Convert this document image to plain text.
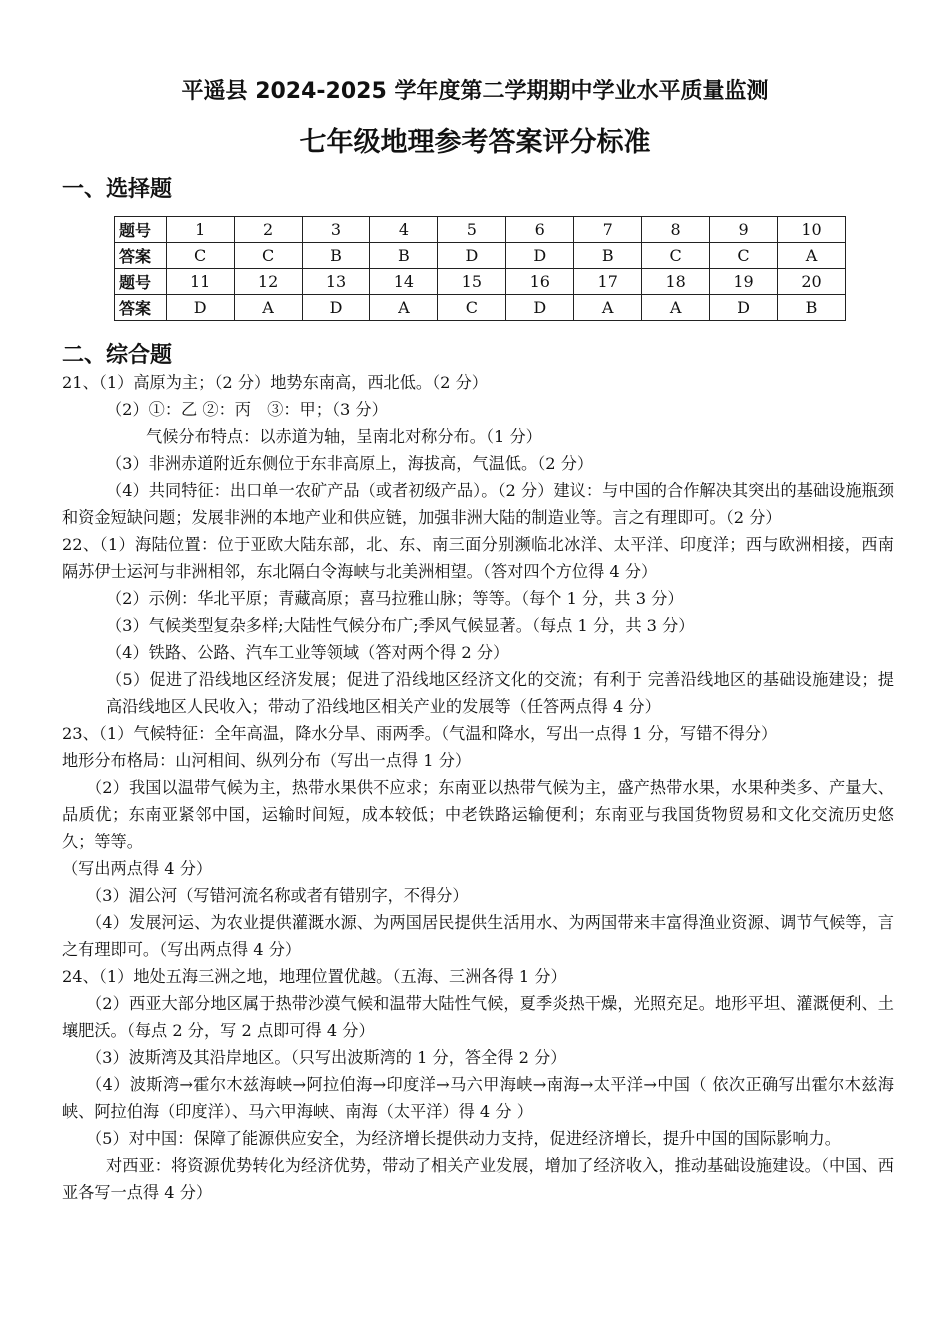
平遥县 2024-2025 学年度第二学期期中学业水平质量监测
七年级地理参考答案评分标准
一、选择题
题号	1	2	3	4	5	6	7	8	9	10
答案	C	C	B	B	D	D	B	C	C	A
题号	11	12	13	14	15	16	17	18	19	20
答案	D	A	D	A	C	D	A	A	D	B
二、综合题

21、（1）高原为主；（2 分）地势东南高，西北低。（2 分）

（2）①：乙 ②：丙　③：甲；（3 分）

气候分布特点：以赤道为轴，呈南北对称分布。（1 分）

（3）非洲赤道附近东侧位于东非高原上，海拔高，气温低。（2 分）

（4）共同特征：出口单一农矿产品（或者初级产品）。（2 分）建议：与中国的合作解决其突出的基础设施瓶颈和资金短缺问题；发展非洲的本地产业和供应链，加强非洲大陆的制造业等。言之有理即可。（2 分）

22、（1）海陆位置：位于亚欧大陆东部，北、东、南三面分别濒临北冰洋、太平洋、印度洋；西与欧洲相接，西南隔苏伊士运河与非洲相邻，东北隔白令海峡与北美洲相望。（答对四个方位得 4 分）

（2）示例：华北平原；青藏高原；喜马拉雅山脉；等等。（每个 1 分，共 3 分）

（3）气候类型复杂多样;大陆性气候分布广;季风气候显著。（每点 1 分，共 3 分）

（4）铁路、公路、汽车工业等领域（答对两个得 2 分）

（5）促进了沿线地区经济发展；促进了沿线地区经济文化的交流；有利于 完善沿线地区的基础设施建设；提高沿线地区人民收入；带动了沿线地区相关产业的发展等（任答两点得 4 分）

23、（1）气候特征：全年高温，降水分旱、雨两季。（气温和降水，写出一点得 1 分，写错不得分）

地形分布格局：山河相间、纵列分布（写出一点得 1 分）

（2）我国以温带气候为主，热带水果供不应求；东南亚以热带气候为主，盛产热带水果，水果种类多、产量大、品质优；东南亚紧邻中国，运输时间短，成本较低；中老铁路运输便利；东南亚与我国货物贸易和文化交流历史悠久；等等。

（写出两点得 4 分）

（3）湄公河（写错河流名称或者有错别字，不得分）

（4）发展河运、为农业提供灌溉水源、为两国居民提供生活用水、为两国带来丰富得渔业资源、调节气候等，言之有理即可。（写出两点得 4 分）

24、（1）地处五海三洲之地，地理位置优越。（五海、三洲各得 1 分）

（2）西亚大部分地区属于热带沙漠气候和温带大陆性气候，夏季炎热干燥，光照充足。地形平坦、灌溉便利、土壤肥沃。（每点 2 分，写 2 点即可得 4 分）

（3）波斯湾及其沿岸地区。（只写出波斯湾的 1 分，答全得 2 分）

（4）波斯湾→霍尔木兹海峡→阿拉伯海→印度洋→马六甲海峡→南海→太平洋→中国（ 依次正确写出霍尔木兹海峡、阿拉伯海（印度洋）、马六甲海峡、南海（太平洋）得 4 分 ）

（5）对中国：保障了能源供应安全，为经济增长提供动力支持，促进经济增长，提升中国的国际影响力。

对西亚：将资源优势转化为经济优势，带动了相关产业发展，增加了经济收入，推动基础设施建设。（中国、西亚各写一点得 4 分）
